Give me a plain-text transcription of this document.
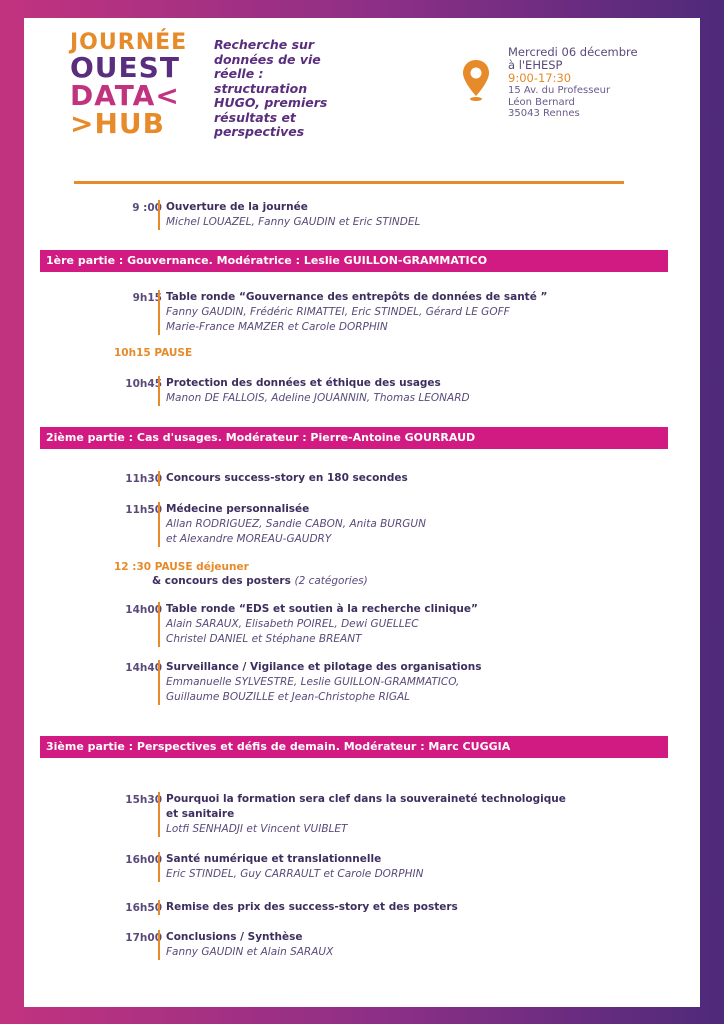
JOURNÉE
OUEST
DATA<
>HUB
Recherche sur
données de vie
réelle :
structuration
HUGO, premiers
résultats et
perspectives
Mercredi 06 décembre
à l'EHESP
9:00-17:30
15 Av. du Professeur
Léon Bernard
35043 Rennes
9 :00 Ouverture de la journée
Michel LOUAZEL, Fanny GAUDIN et Eric STINDEL
1ère partie : Gouvernance. Modératrice : Leslie GUILLON-GRAMMATICO
9h15 Table ronde “Gouvernance des entrepôts de données de santé ”
Fanny GAUDIN, Frédéric RIMATTEI, Eric STINDEL, Gérard LE GOFF
Marie-France MAMZER et Carole DORPHIN
10h15 PAUSE
10h45 Protection des données et éthique des usages
Manon DE FALLOIS, Adeline JOUANNIN, Thomas LEONARD
2ième partie : Cas d'usages. Modérateur : Pierre-Antoine GOURRAUD
11h30 Concours success-story en 180 secondes
11h50 Médecine personnalisée
Allan RODRIGUEZ, Sandie CABON, Anita BURGUN
et Alexandre MOREAU-GAUDRY
12 :30 PAUSE déjeuner
& concours des posters (2 catégories)
14h00 Table ronde “EDS et soutien à la recherche clinique”
Alain SARAUX, Elisabeth POIREL, Dewi GUELLEC
Christel DANIEL et Stéphane BREANT
14h40 Surveillance / Vigilance et pilotage des organisations
Emmanuelle SYLVESTRE, Leslie GUILLON-GRAMMATICO,
Guillaume BOUZILLE et Jean-Christophe RIGAL
3ième partie : Perspectives et défis de demain. Modérateur : Marc CUGGIA
15h30 Pourquoi la formation sera clef dans la souveraineté technologique
et sanitaire
Lotfi SENHADJI et Vincent VUIBLET
16h00 Santé numérique et translationnelle
Eric STINDEL, Guy CARRAULT et Carole DORPHIN
16h50 Remise des prix des success-story et des posters
17h00 Conclusions / Synthèse
Fanny GAUDIN et Alain SARAUX
